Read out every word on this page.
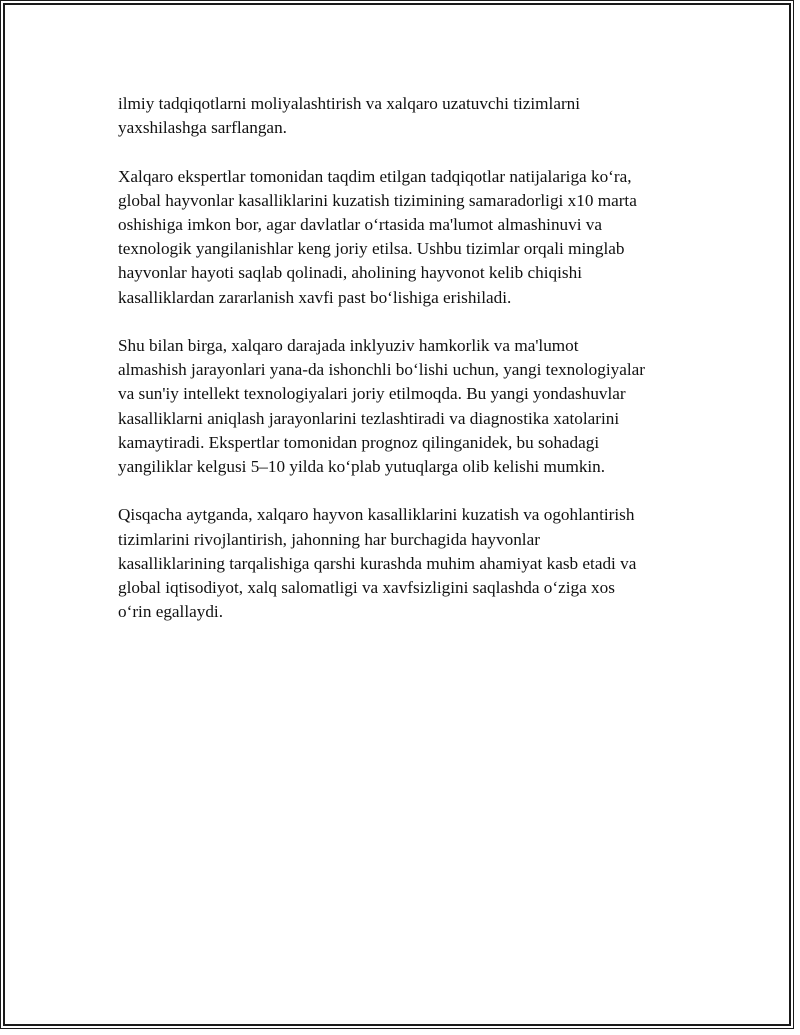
ilmiy tadqiqotlarni moliyalashtirish va xalqaro uzatuvchi tizimlarni
yaxshilashga sarflangan.

Xalqaro ekspertlar tomonidan taqdim etilgan tadqiqotlar natijalariga ko‘ra,
global hayvonlar kasalliklarini kuzatish tizimining samaradorligi x10 marta
oshishiga imkon bor, agar davlatlar o‘rtasida ma'lumot almashinuvi va
texnologik yangilanishlar keng joriy etilsa. Ushbu tizimlar orqali minglab
hayvonlar hayoti saqlab qolinadi, aholining hayvonot kelib chiqishi
kasalliklardan zararlanish xavfi past bo‘lishiga erishiladi.

Shu bilan birga, xalqaro darajada inklyuziv hamkorlik va ma'lumot
almashish jarayonlari yana-da ishonchli bo‘lishi uchun, yangi texnologiyalar
va sun'iy intellekt texnologiyalari joriy etilmoqda. Bu yangi yondashuvlar
kasalliklarni aniqlash jarayonlarini tezlashtiradi va diagnostika xatolarini
kamaytiradi. Ekspertlar tomonidan prognoz qilinganidek, bu sohadagi
yangiliklar kelgusi 5–10 yilda ko‘plab yutuqlarga olib kelishi mumkin.

Qisqacha aytganda, xalqaro hayvon kasalliklarini kuzatish va ogohlantirish
tizimlarini rivojlantirish, jahonning har burchagida hayvonlar
kasalliklarining tarqalishiga qarshi kurashda muhim ahamiyat kasb etadi va
global iqtisodiyot, xalq salomatligi va xavfsizligini saqlashda o‘ziga xos
o‘rin egallaydi.
